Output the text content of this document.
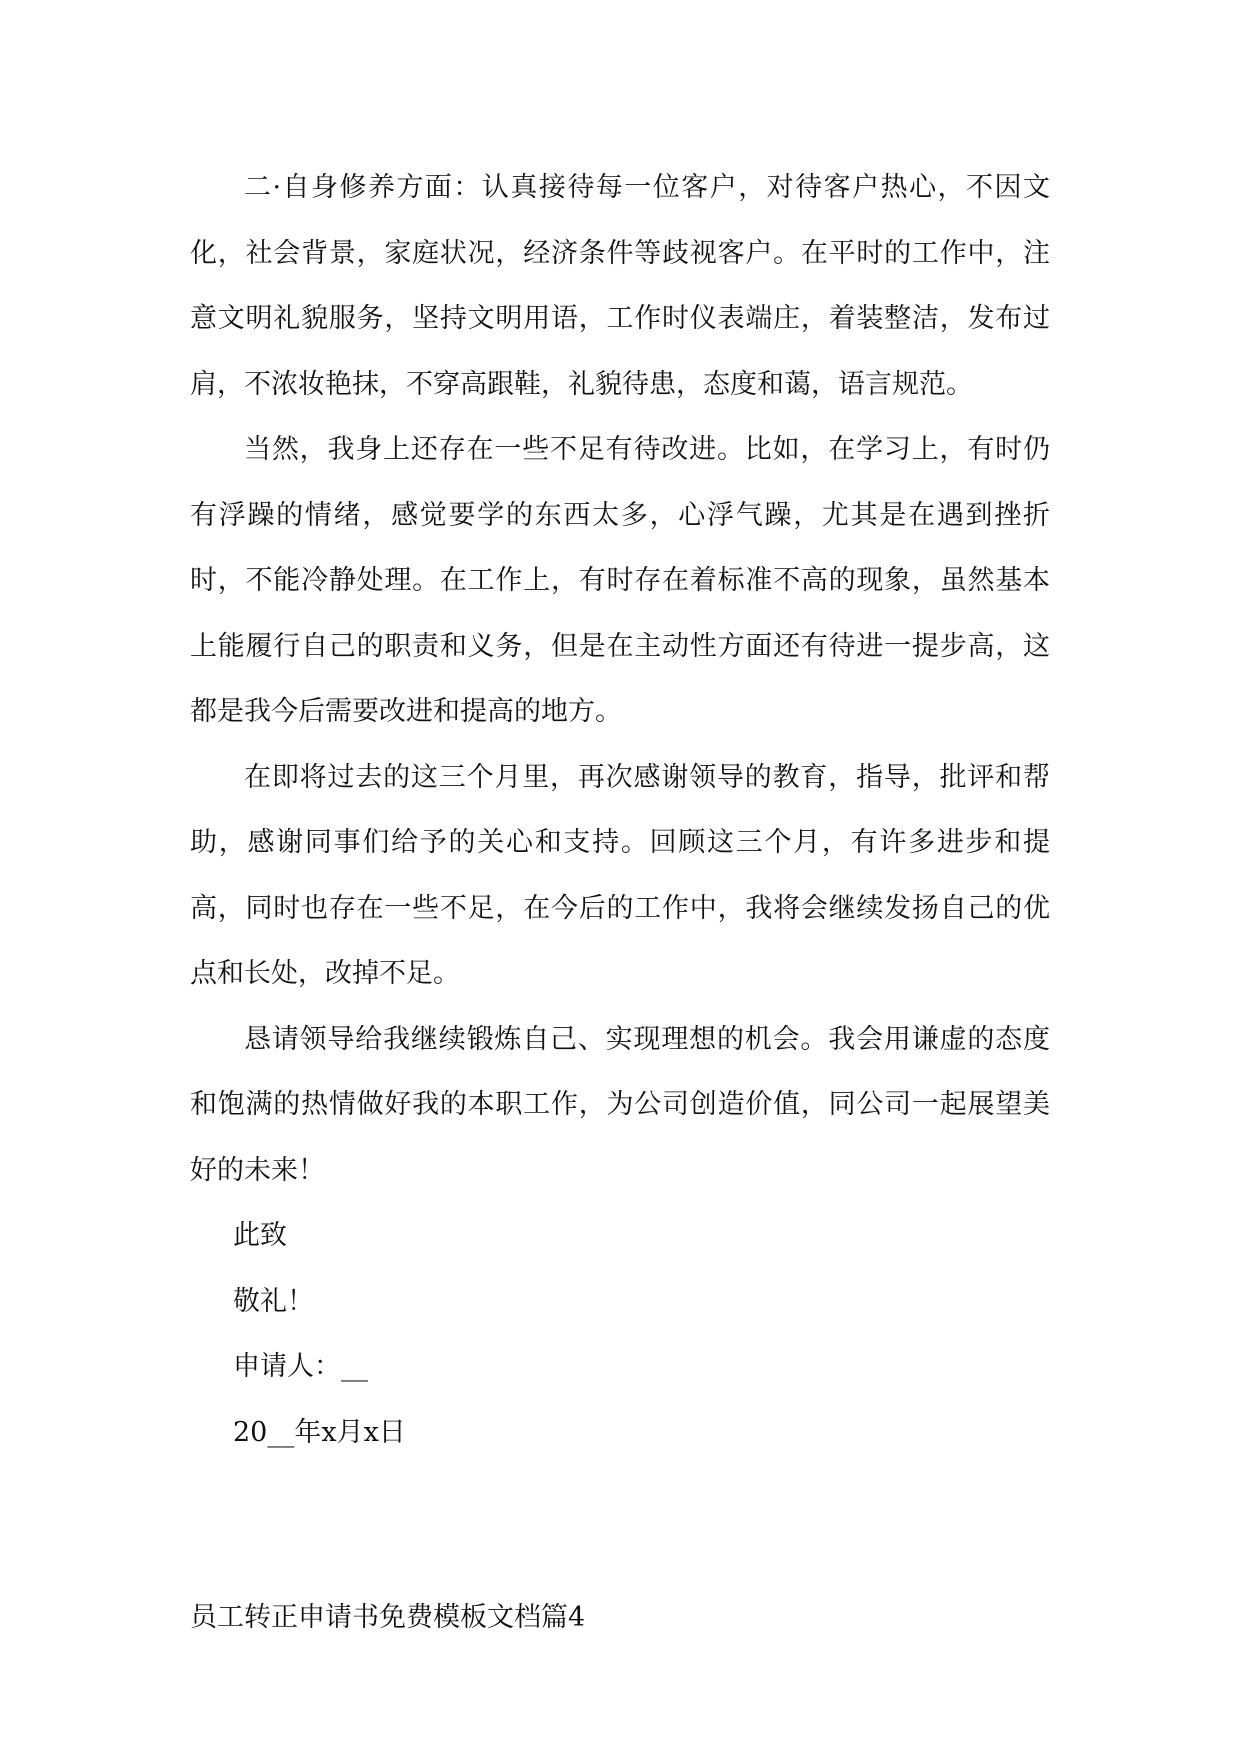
二·自身修养方面：认真接待每一位客户，对待客户热心，不因文化，社会背景，家庭状况，经济条件等歧视客户。在平时的工作中，注意文明礼貌服务，坚持文明用语，工作时仪表端庄，着装整洁，发布过肩，不浓妆艳抹，不穿高跟鞋，礼貌待患，态度和蔼，语言规范。

当然，我身上还存在一些不足有待改进。比如，在学习上，有时仍有浮躁的情绪，感觉要学的东西太多，心浮气躁，尤其是在遇到挫折时，不能冷静处理。在工作上，有时存在着标准不高的现象，虽然基本上能履行自己的职责和义务，但是在主动性方面还有待进一提步高，这都是我今后需要改进和提高的地方。

在即将过去的这三个月里，再次感谢领导的教育，指导，批评和帮助，感谢同事们给予的关心和支持。回顾这三个月，有许多进步和提高，同时也存在一些不足，在今后的工作中，我将会继续发扬自己的优点和长处，改掉不足。

恳请领导给我继续锻炼自己、实现理想的机会。我会用谦虚的态度和饱满的热情做好我的本职工作，为公司创造价值，同公司一起展望美好的未来！

此致

敬礼！

申请人：__

20__年x月x日

员工转正申请书免费模板文档篇4
